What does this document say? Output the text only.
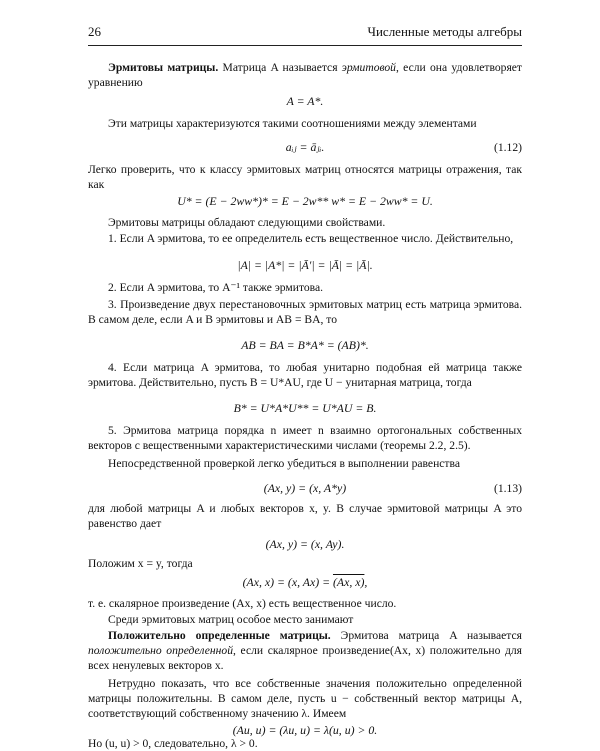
26	Численные методы алгебры
Эрмитовы матрицы. Матрица A называется эрмитовой, если она удовлетворяет уравнению
A = A*.
Эти матрицы характеризуются такими соотношениями между элементами
aᵢⱼ = āⱼᵢ.	(1.12)
Легко проверить, что к классу эрмитовых матриц относятся матрицы отражения, так как
U* = (E − 2ww*)* = E − 2w** w* = E − 2ww* = U.
Эрмитовы матрицы обладают следующими свойствами.
1. Если A эрмитова, то ее определитель есть вещественное число. Действительно,
|A| = |A*| = |Ā′| = |Ā| = |Ā|.
2. Если A эрмитова, то A⁻¹ также эрмитова.
3. Произведение двух перестановочных эрмитовых матриц есть матрица эрмитова. В самом деле, если A и B эрмитовы и AB = BA, то
AB = BA = B*A* = (AB)*.
4. Если матрица A эрмитова, то любая унитарно подобная ей матрица также эрмитова. Действительно, пусть B = U*AU, где U − унитарная матрица, тогда
B* = U*A*U** = U*AU = B.
5. Эрмитова матрица порядка n имеет n взаимно ортогональных собственных векторов с вещественными характеристическими числами (теоремы 2.2, 2.5).
Непосредственной проверкой легко убедиться в выполнении равенства
(Ax, y) = (x, A*y)	(1.13)
для любой матрицы A и любых векторов x, y. В случае эрмитовой матрицы A это равенство дает
(Ax, y) = (x, Ay).
Положим x = y, тогда
(Ax, x) = (x, Ax) = (Ax, x),
т. е. скалярное произведение (Ax, x) есть вещественное число.
Среди эрмитовых матриц особое место занимают
Положительно определенные матрицы. Эрмитова матрица A называется положительно определенной, если скалярное произведение(Ax, x) положительно для всех ненулевых векторов x.
Нетрудно показать, что все собственные значения положительно определенной матрицы положительны. В самом деле, пусть u − собственный вектор матрицы A, соответствующий собственному значению λ. Имеем
(Au, u) = (λu, u) = λ(u, u) > 0.
Но (u, u) > 0, следовательно, λ > 0.
